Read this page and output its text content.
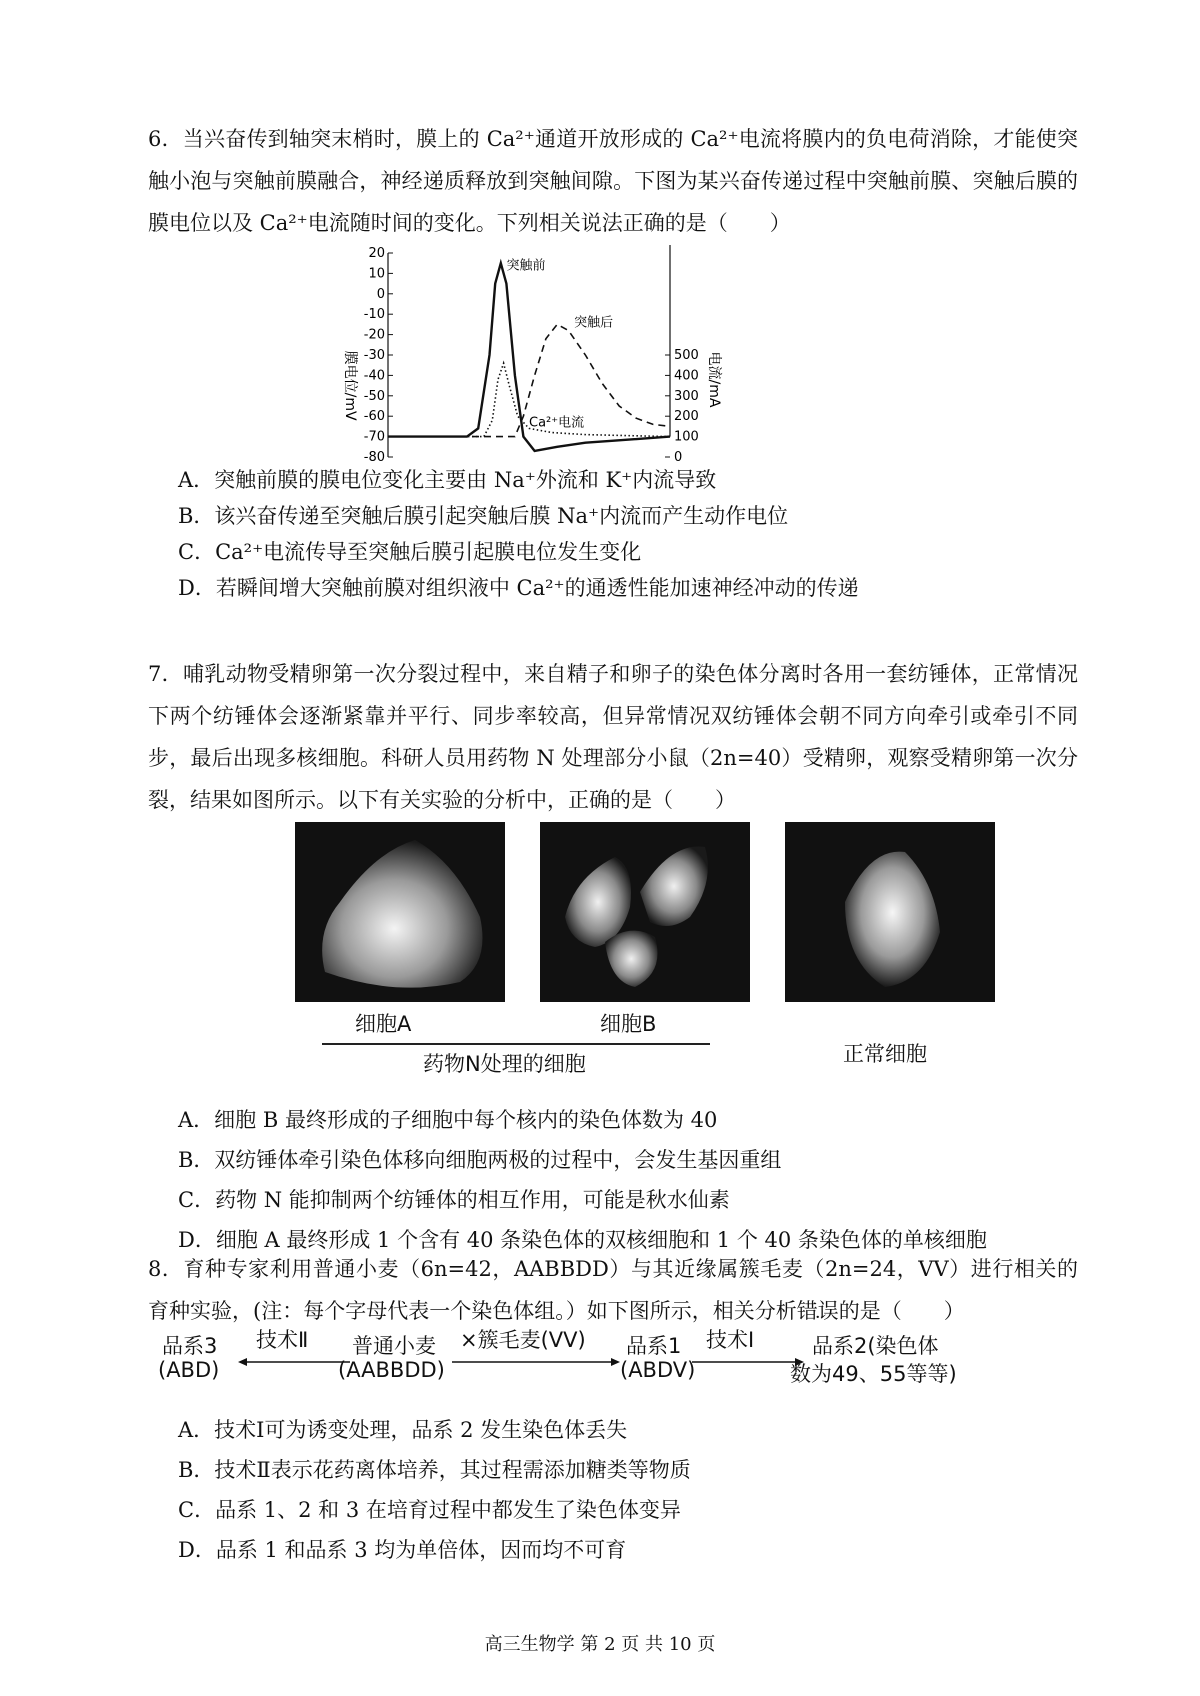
6．当兴奋传到轴突末梢时，膜上的 Ca²⁺通道开放形成的 Ca²⁺电流将膜内的负电荷消除，才能使突触小泡与突触前膜融合，神经递质释放到突触间隙。下图为某兴奋传递过程中突触前膜、突触后膜的膜电位以及 Ca²⁺电流随时间的变化。下列相关说法正确的是（　　）
20
10
0
-10
-20
-30
-40
-50
-60
-70
-80
500
400
300
200
100
0
突触前
突触后
Ca²⁺电流
膜电位/mV	电流/mA
A．突触前膜的膜电位变化主要由 Na⁺外流和 K⁺内流导致
B．该兴奋传递至突触后膜引起突触后膜 Na⁺内流而产生动作电位
C．Ca²⁺电流传导至突触后膜引起膜电位发生变化
D．若瞬间增大突触前膜对组织液中 Ca²⁺的通透性能加速神经冲动的传递
7．哺乳动物受精卵第一次分裂过程中，来自精子和卵子的染色体分离时各用一套纺锤体，正常情况下两个纺锤体会逐渐紧靠并平行、同步率较高，但异常情况双纺锤体会朝不同方向牵引或牵引不同步，最后出现多核细胞。科研人员用药物 N 处理部分小鼠（2n=40）受精卵，观察受精卵第一次分裂，结果如图所示。以下有关实验的分析中，正确的是（　　）
细胞A	细胞B
药物N处理的细胞	正常细胞
A．细胞 B 最终形成的子细胞中每个核内的染色体数为 40
B．双纺锤体牵引染色体移向细胞两极的过程中，会发生基因重组
C．药物 N 能抑制两个纺锤体的相互作用，可能是秋水仙素
D．细胞 A 最终形成 1 个含有 40 条染色体的双核细胞和 1 个 40 条染色体的单核细胞
8．育种专家利用普通小麦（6n=42，AABBDD）与其近缘属簇毛麦（2n=24，VV）进行相关的育种实验，(注：每个字母代表一个染色体组。）如下图所示，相关分析错误的是（　　）
品系3
(ABD)
技术Ⅱ 普通小麦
(AABBDD)
×簇毛麦(VV) 品系1
(ABDV)
技术Ⅰ	品系2(染色体
数为49、55等等)
A．技术Ⅰ可为诱变处理，品系 2 发生染色体丢失
B．技术Ⅱ表示花药离体培养，其过程需添加糖类等物质
C．品系 1、2 和 3 在培育过程中都发生了染色体变异
D．品系 1 和品系 3 均为单倍体，因而均不可育
高三生物学 第 2 页 共 10 页
